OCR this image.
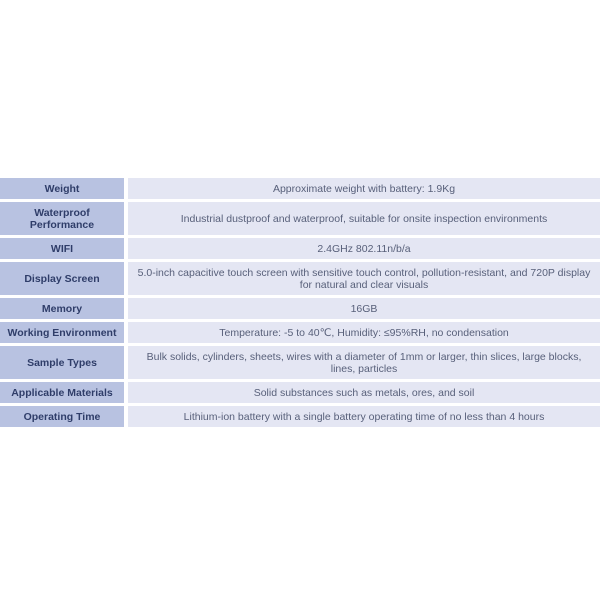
Weight	Approximate weight with battery: 1.9Kg
Waterproof Performance	Industrial dustproof and waterproof, suitable for onsite inspection environments
WIFI	2.4GHz 802.11n/b/a
Display Screen	5.0-inch capacitive touch screen with sensitive touch control, pollution-resistant, and 720P display for natural and clear visuals
Memory	16GB
Working Environment	Temperature: -5 to 40℃, Humidity: ≤95%RH, no condensation
Sample Types	Bulk solids, cylinders, sheets, wires with a diameter of 1mm or larger, thin slices, large blocks, lines, particles
Applicable Materials	Solid substances such as metals, ores, and soil
Operating Time	Lithium-ion battery with a single battery operating time of no less than 4 hours
